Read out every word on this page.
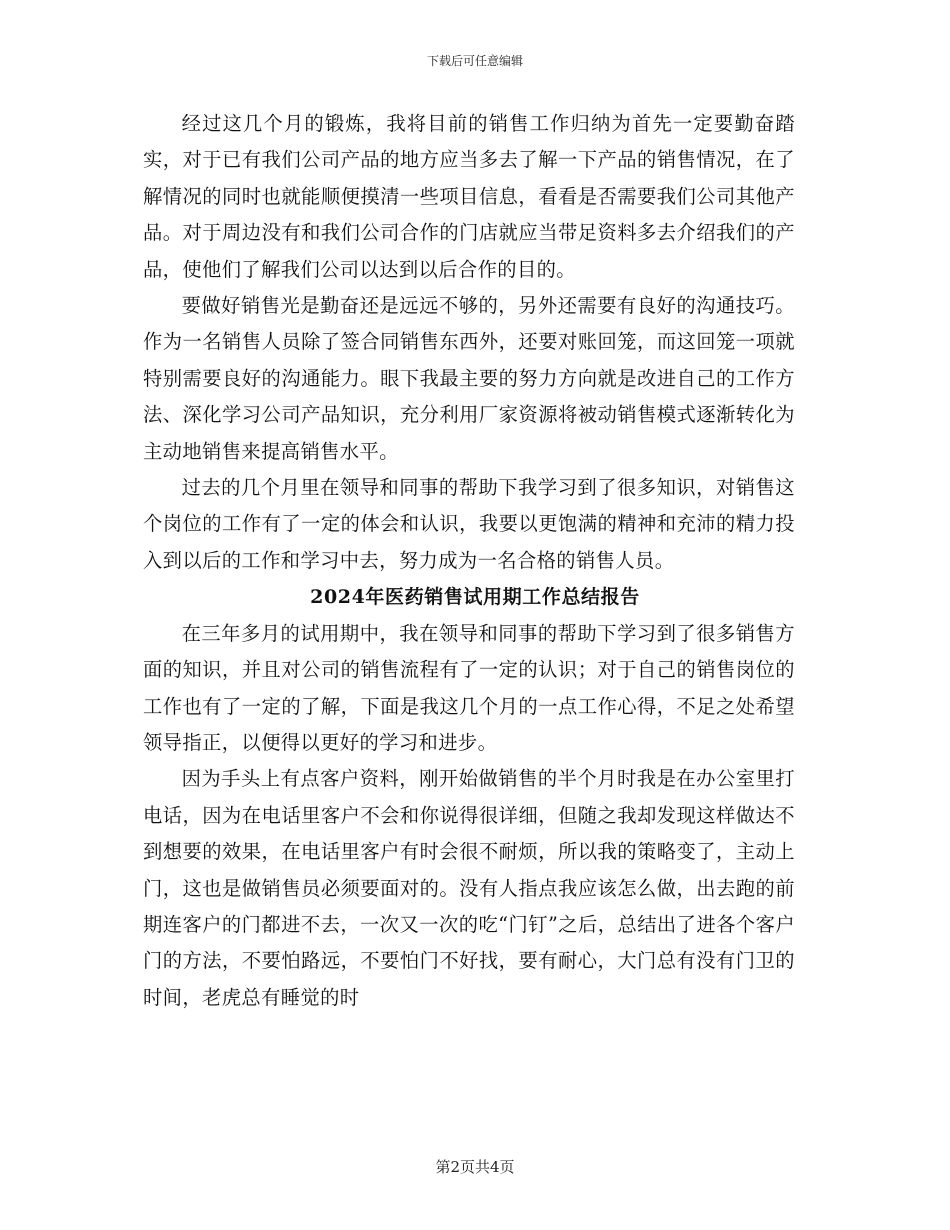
下载后可任意编辑

经过这几个月的锻炼，我将目前的销售工作归纳为首先一定要勤奋踏实，对于已有我们公司产品的地方应当多去了解一下产品的销售情况，在了解情况的同时也就能顺便摸清一些项目信息，看看是否需要我们公司其他产品。对于周边没有和我们公司合作的门店就应当带足资料多去介绍我们的产品，使他们了解我们公司以达到以后合作的目的。

要做好销售光是勤奋还是远远不够的，另外还需要有良好的沟通技巧。作为一名销售人员除了签合同销售东西外，还要对账回笼，而这回笼一项就特别需要良好的沟通能力。眼下我最主要的努力方向就是改进自己的工作方法、深化学习公司产品知识，充分利用厂家资源将被动销售模式逐渐转化为主动地销售来提高销售水平。

过去的几个月里在领导和同事的帮助下我学习到了很多知识，对销售这个岗位的工作有了一定的体会和认识，我要以更饱满的精神和充沛的精力投入到以后的工作和学习中去，努力成为一名合格的销售人员。

2024年医药销售试用期工作总结报告

在三年多月的试用期中，我在领导和同事的帮助下学习到了很多销售方面的知识，并且对公司的销售流程有了一定的认识；对于自己的销售岗位的工作也有了一定的了解，下面是我这几个月的一点工作心得，不足之处希望领导指正，以便得以更好的学习和进步。

因为手头上有点客户资料，刚开始做销售的半个月时我是在办公室里打电话，因为在电话里客户不会和你说得很详细，但随之我却发现这样做达不到想要的效果，在电话里客户有时会很不耐烦，所以我的策略变了，主动上门，这也是做销售员必须要面对的。没有人指点我应该怎么做，出去跑的前期连客户的门都进不去，一次又一次的吃“门钉”之后，总结出了进各个客户门的方法，不要怕路远，不要怕门不好找，要有耐心，大门总有没有门卫的时间，老虎总有睡觉的时

第2页共4页
